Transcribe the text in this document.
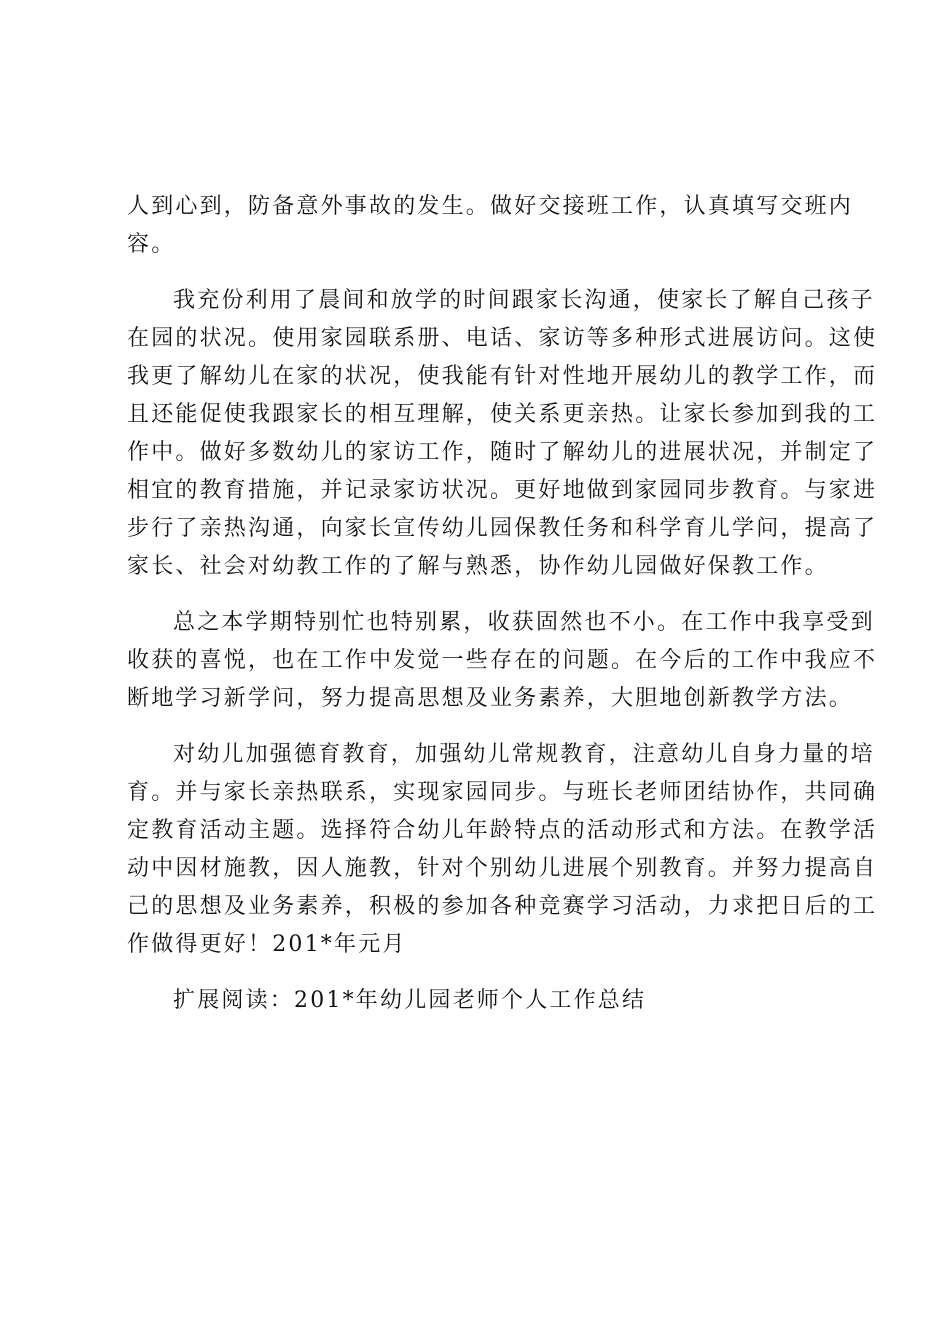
人到心到，防备意外事故的发生。做好交接班工作，认真填写交班内
容。
我充份利用了晨间和放学的时间跟家长沟通，使家长了解自己孩子
在园的状况。使用家园联系册、电话、家访等多种形式进展访问。这使
我更了解幼儿在家的状况，使我能有针对性地开展幼儿的教学工作，而
且还能促使我跟家长的相互理解，使关系更亲热。让家长参加到我的工
作中。做好多数幼儿的家访工作，随时了解幼儿的进展状况，并制定了
相宜的教育措施，并记录家访状况。更好地做到家园同步教育。与家进
步行了亲热沟通，向家长宣传幼儿园保教任务和科学育儿学问，提高了
家长、社会对幼教工作的了解与熟悉，协作幼儿园做好保教工作。
总之本学期特别忙也特别累，收获固然也不小。在工作中我享受到
收获的喜悦，也在工作中发觉一些存在的问题。在今后的工作中我应不
断地学习新学问，努力提高思想及业务素养，大胆地创新教学方法。
对幼儿加强德育教育，加强幼儿常规教育，注意幼儿自身力量的培
育。并与家长亲热联系，实现家园同步。与班长老师团结协作，共同确
定教育活动主题。选择符合幼儿年龄特点的活动形式和方法。在教学活
动中因材施教，因人施教，针对个别幼儿进展个别教育。并努力提高自
己的思想及业务素养，积极的参加各种竞赛学习活动，力求把日后的工
作做得更好！201*年元月
扩展阅读：201*年幼儿园老师个人工作总结
